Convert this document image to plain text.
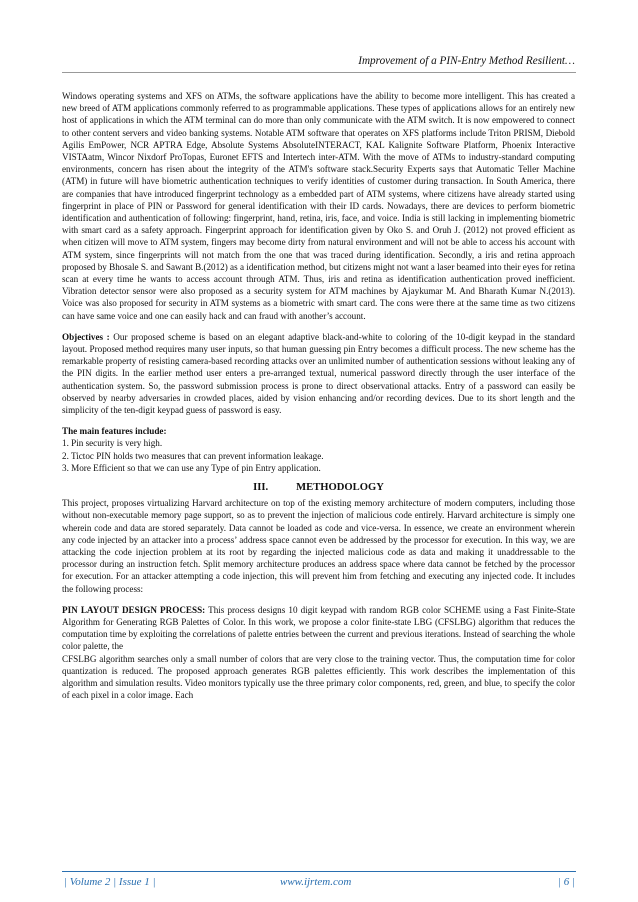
Improvement of a PIN-Entry Method Resilient…

Windows operating systems and XFS on ATMs, the software applications have the ability to become more intelligent. This has created a new breed of ATM applications commonly referred to as programmable applications. These types of applications allows for an entirely new host of applications in which the ATM terminal can do more than only communicate with the ATM switch. It is now empowered to connect to other content servers and video banking systems. Notable ATM software that operates on XFS platforms include Triton PRISM, Diebold Agilis EmPower, NCR APTRA Edge, Absolute Systems AbsoluteINTERACT, KAL Kalignite Software Platform, Phoenix Interactive VISTAatm, Wincor Nixdorf ProTopas, Euronet EFTS and Intertech inter-ATM. With the move of ATMs to industry-standard computing environments, concern has risen about the integrity of the ATM's software stack.Security Experts says that Automatic Teller Machine (ATM) in future will have biometric authentication techniques to verify identities of customer during transaction. In South America, there are companies that have introduced fingerprint technology as a embedded part of ATM systems, where citizens have already started using fingerprint in place of PIN or Password for general identification with their ID cards. Nowadays, there are devices to perform biometric identification and authentication of following: fingerprint, hand, retina, iris, face, and voice. India is still lacking in implementing biometric with smart card as a safety approach. Fingerprint approach for identification given by Oko S. and Oruh J. (2012) not proved efficient as when citizen will move to ATM system, fingers may become dirty from natural environment and will not be able to access his account with ATM system, since fingerprints will not match from the one that was traced during identification. Secondly, a iris and retina approach proposed by Bhosale S. and Sawant B.(2012) as a identification method, but citizens might not want a laser beamed into their eyes for retina scan at every time he wants to access account through ATM. Thus, iris and retina as identification authentication proved inefficient. Vibration detector sensor were also proposed as a security system for ATM machines by Ajaykumar M. And Bharath Kumar N.(2013). Voice was also proposed for security in ATM systems as a biometric with smart card. The cons were there at the same time as two citizens can have same voice and one can easily hack and can fraud with another’s account.

Objectives : Our proposed scheme is based on an elegant adaptive black-and-white to coloring of the 10-digit keypad in the standard layout. Proposed method requires many user inputs, so that human guessing pin Entry becomes a difficult process. The new scheme has the remarkable property of resisting camera-based recording attacks over an unlimited number of authentication sessions without leaking any of the PIN digits. In the earlier method user enters a pre-arranged textual, numerical password directly through the user interface of the authentication system. So, the password submission process is prone to direct observational attacks. Entry of a password can easily be observed by nearby adversaries in crowded places, aided by vision enhancing and/or recording devices. Due to its short length and the simplicity of the ten-digit keypad guess of password is easy.

The main features include:
1. Pin security is very high.
2. Tictoc PIN holds two measures that can prevent information leakage.
3. More Efficient so that we can use any Type of pin Entry application.
III.	METHODOLOGY

This project, proposes virtualizing Harvard architecture on top of the existing memory architecture of modern computers, including those without non-executable memory page support, so as to prevent the injection of malicious code entirely. Harvard architecture is simply one wherein code and data are stored separately. Data cannot be loaded as code and vice-versa. In essence, we create an environment wherein any code injected by an attacker into a process’ address space cannot even be addressed by the processor for execution. In this way, we are attacking the code injection problem at its root by regarding the injected malicious code as data and making it unaddressable to the processor during an instruction fetch. Split memory architecture produces an address space where data cannot be fetched by the processor for execution. For an attacker attempting a code injection, this will prevent him from fetching and executing any injected code. It includes the following process:

PIN LAYOUT DESIGN PROCESS: This process designs 10 digit keypad with random RGB color SCHEME using a Fast Finite-State Algorithm for Generating RGB Palettes of Color. In this work, we propose a color finite-state LBG (CFSLBG) algorithm that reduces the computation time by exploiting the correlations of palette entries between the current and previous iterations. Instead of searching the whole color palette, the

CFSLBG algorithm searches only a small number of colors that are very close to the training vector. Thus, the computation time for color quantization is reduced. The proposed approach generates RGB palettes efficiently. This work describes the implementation of this algorithm and simulation results. Video monitors typically use the three primary color components, red, green, and blue, to specify the color of each pixel in a color image. Each

| Volume 2 | Issue 1 |	www.ijrtem.com	| 6 |
